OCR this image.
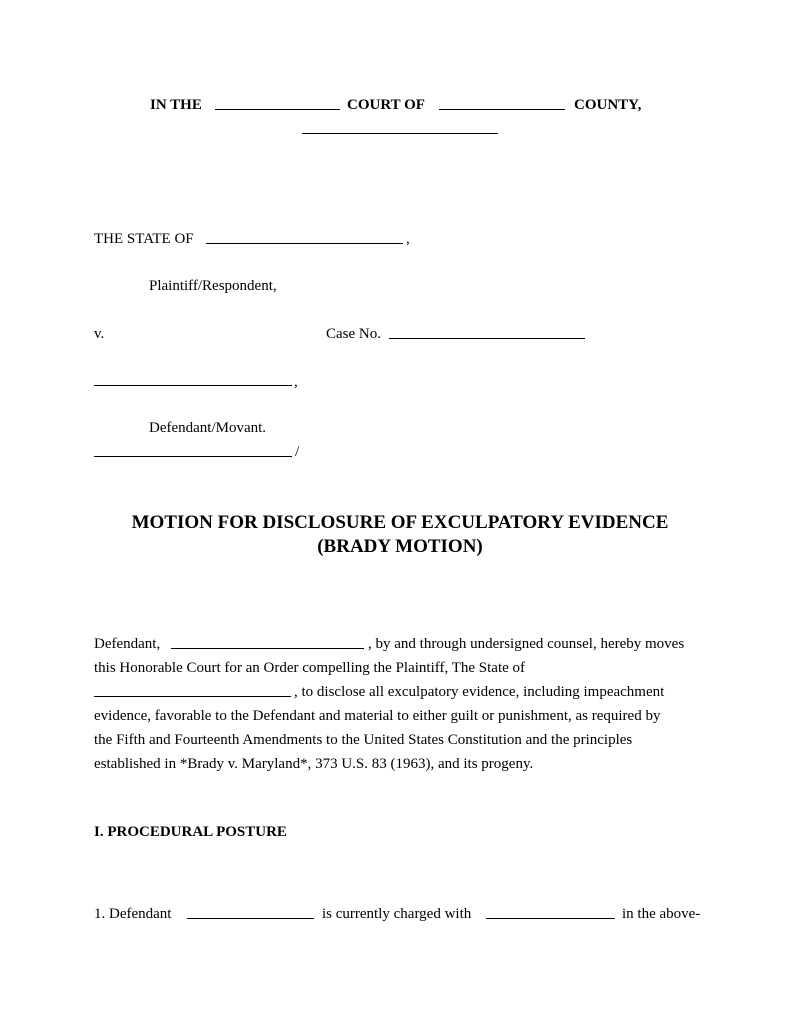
IN THE	COURT OF	COUNTY,
THE STATE OF	,
Plaintiff/Respondent,
v.	Case No.
,
Defendant/Movant.
/
MOTION FOR DISCLOSURE OF EXCULPATORY EVIDENCE
(BRADY MOTION)
Defendant,	, by and through undersigned counsel, hereby moves
this Honorable Court for an Order compelling the Plaintiff, The State of
, to disclose all exculpatory evidence, including impeachment
evidence, favorable to the Defendant and material to either guilt or punishment, as required by
the Fifth and Fourteenth Amendments to the United States Constitution and the principles
established in *Brady v. Maryland*, 373 U.S. 83 (1963), and its progeny.
I. PROCEDURAL POSTURE
1. Defendant	is currently charged with	in the above-
